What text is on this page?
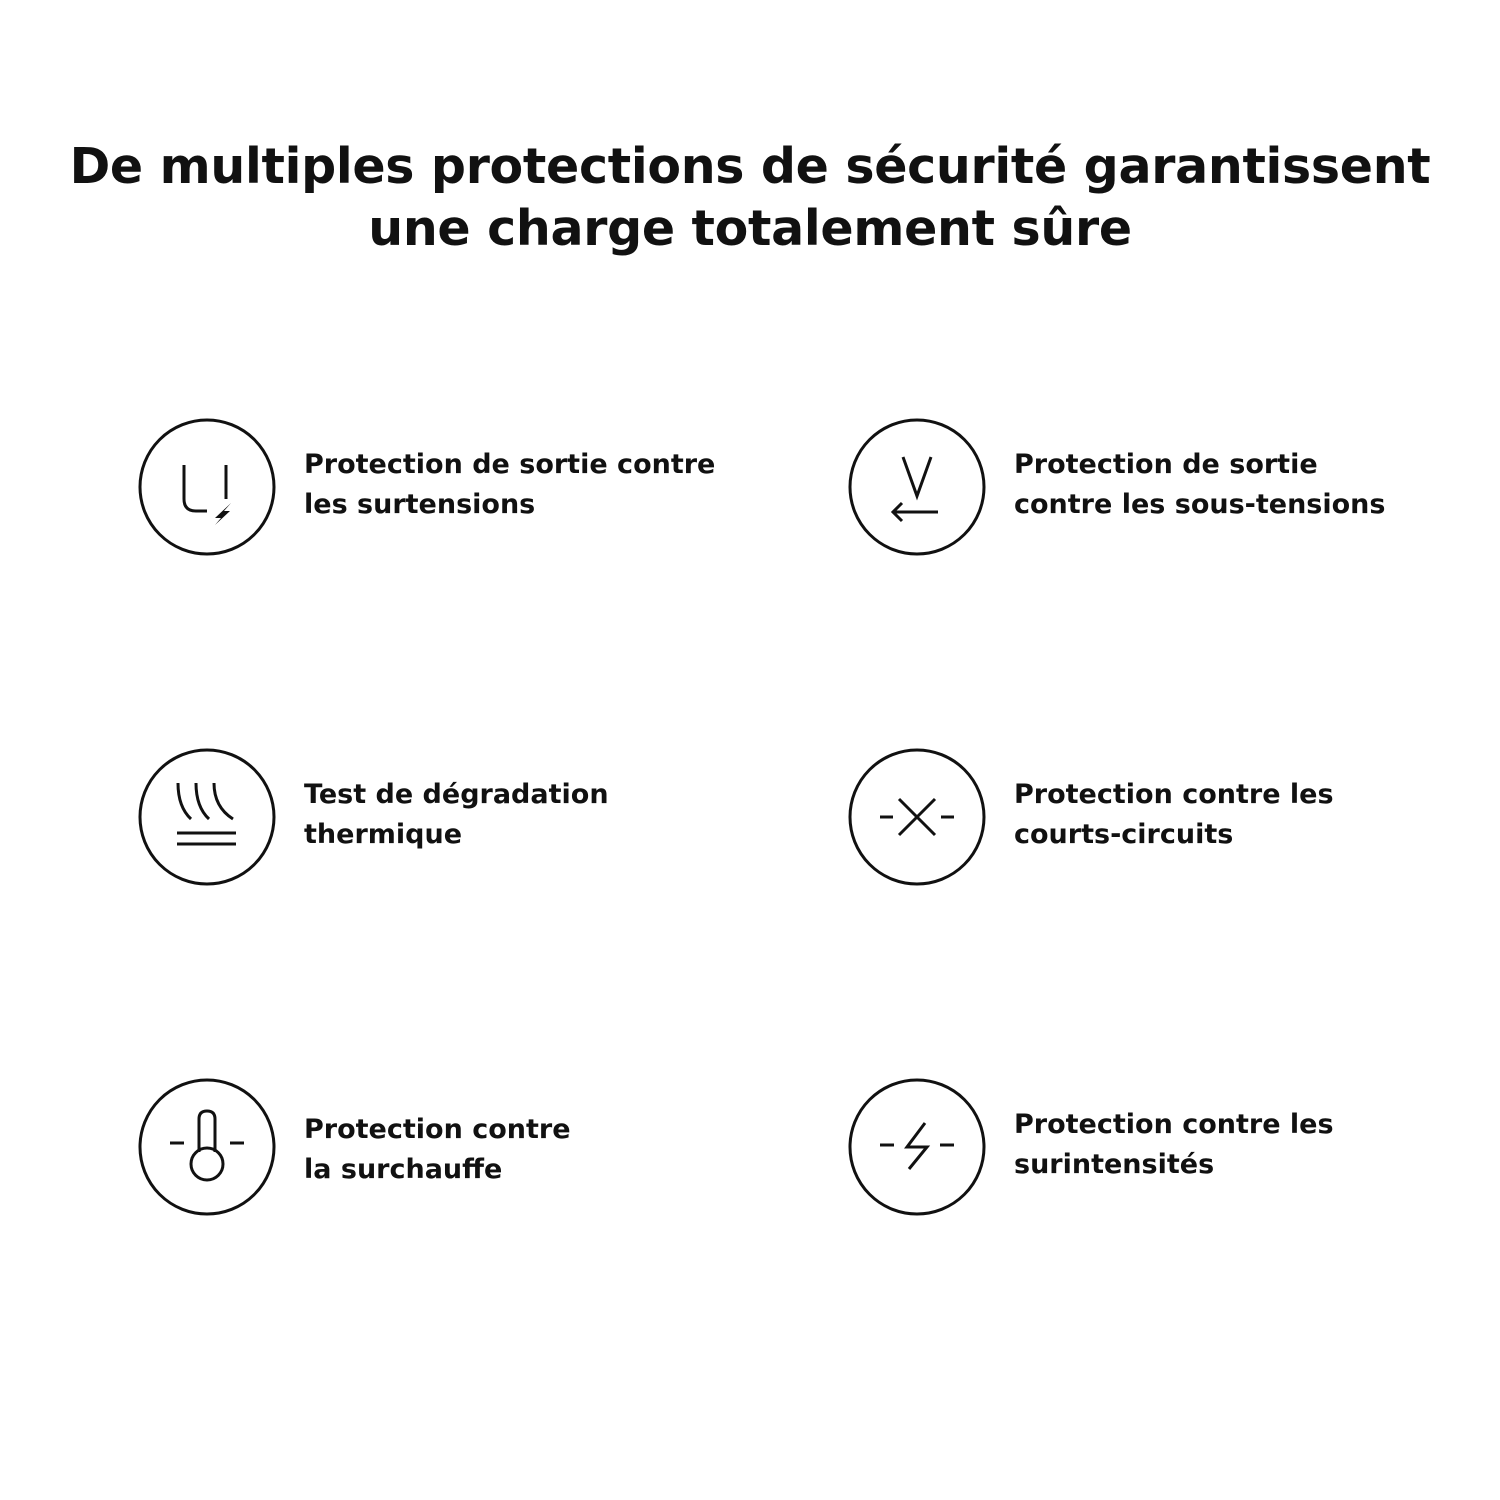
De multiples protections de sécurité garantissent
une charge totalement sûre
Protection de sortie contre
les surtensions
Protection de sortie
contre les sous-tensions
Test de dégradation
thermique
Protection contre les
courts-circuits
Protection contre
la surchauffe
Protection contre les
surintensités
